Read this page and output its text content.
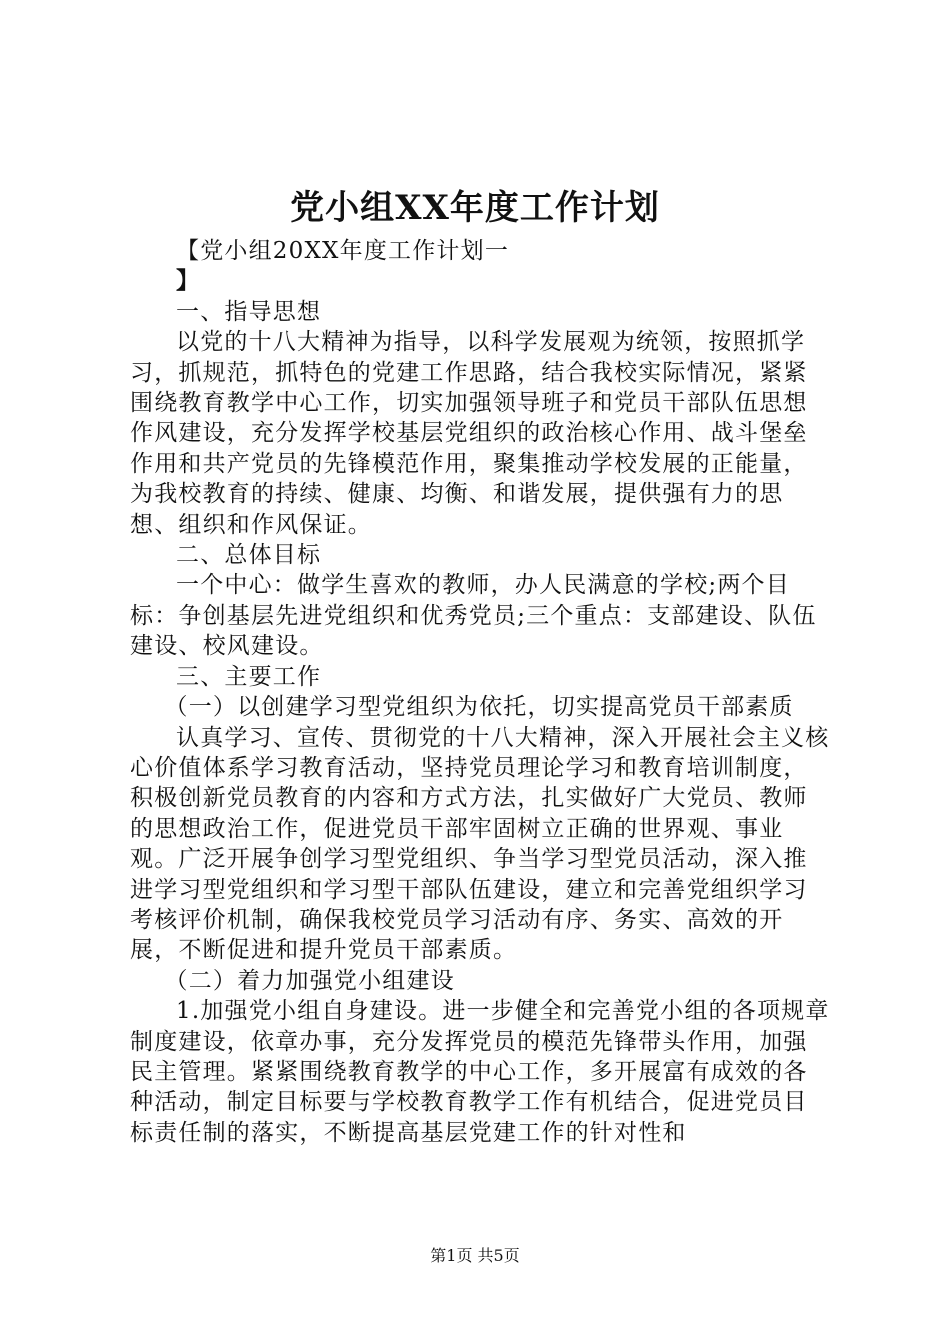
党小组XX年度工作计划

【党小组20XX年度工作计划一

】

一、指导思想

以党的十八大精神为指导，以科学发展观为统领，按照抓学习，抓规范，抓特色的党建工作思路，结合我校实际情况，紧紧围绕教育教学中心工作，切实加强领导班子和党员干部队伍思想作风建设，充分发挥学校基层党组织的政治核心作用、战斗堡垒作用和共产党员的先锋模范作用，聚集推动学校发展的正能量，为我校教育的持续、健康、均衡、和谐发展，提供强有力的思想、组织和作风保证。

二、总体目标

一个中心：做学生喜欢的教师，办人民满意的学校;两个目标：争创基层先进党组织和优秀党员;三个重点：支部建设、队伍建设、校风建设。

三、主要工作

（一）以创建学习型党组织为依托，切实提高党员干部素质

认真学习、宣传、贯彻党的十八大精神，深入开展社会主义核心价值体系学习教育活动，坚持党员理论学习和教育培训制度，积极创新党员教育的内容和方式方法，扎实做好广大党员、教师的思想政治工作，促进党员干部牢固树立正确的世界观、事业观。广泛开展争创学习型党组织、争当学习型党员活动，深入推进学习型党组织和学习型干部队伍建设，建立和完善党组织学习考核评价机制，确保我校党员学习活动有序、务实、高效的开展，不断促进和提升党员干部素质。

（二）着力加强党小组建设

1.加强党小组自身建设。进一步健全和完善党小组的各项规章制度建设，依章办事，充分发挥党员的模范先锋带头作用，加强民主管理。紧紧围绕教育教学的中心工作，多开展富有成效的各种活动，制定目标要与学校教育教学工作有机结合，促进党员目标责任制的落实，不断提高基层党建工作的针对性和

第1页 共5页
